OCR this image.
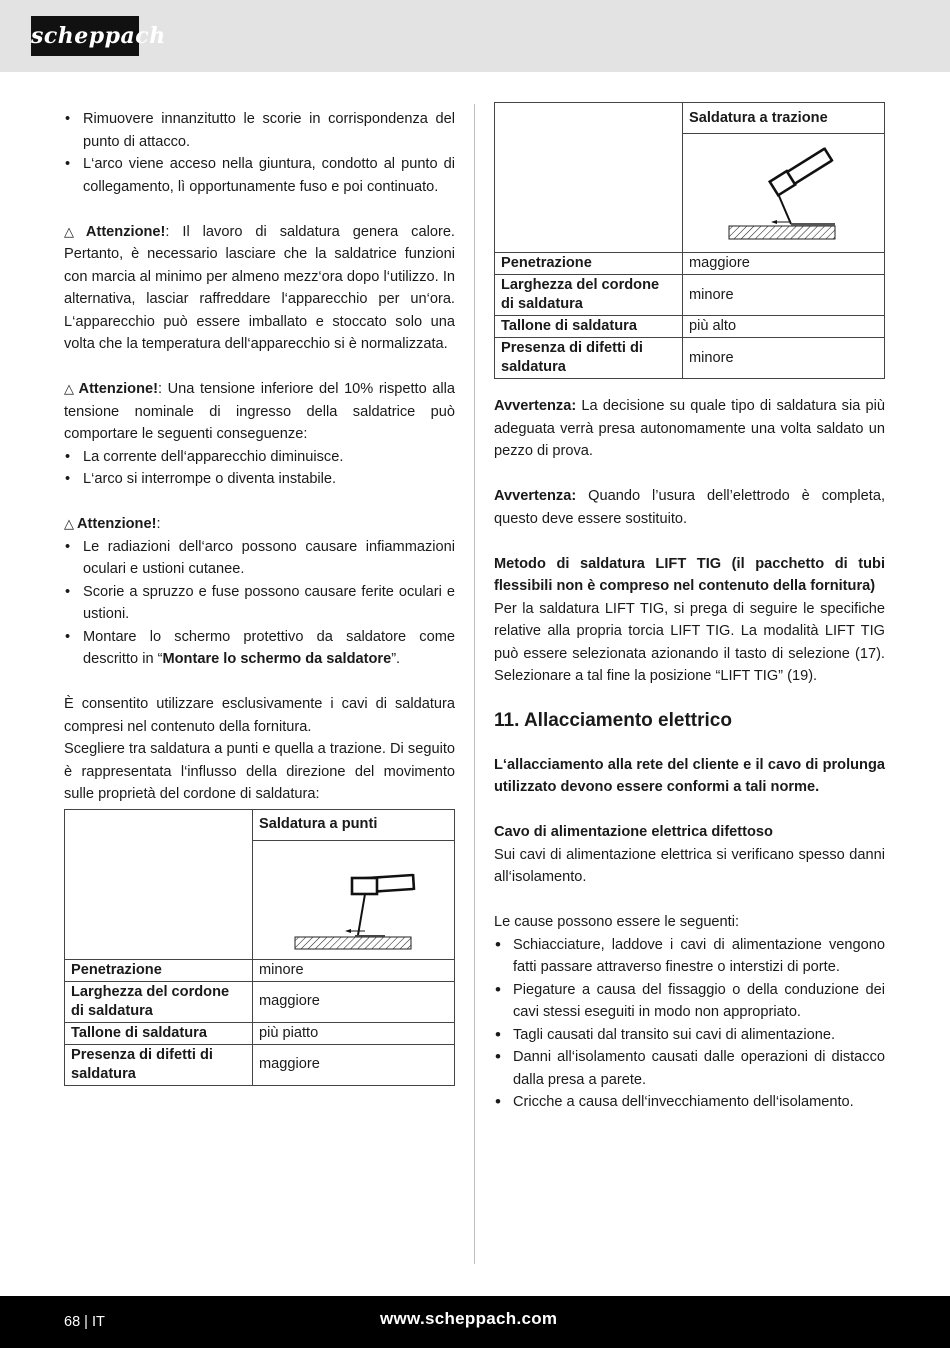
scheppach
• Rimuovere innanzitutto le scorie in corrispondenza del punto di attacco.
• L‘arco viene acceso nella giuntura, condotto al punto di collegamento, lì opportunamente fuso e poi continuato.

△ Attenzione!: Il lavoro di saldatura genera calore. Pertanto, è necessario lasciare che la saldatrice funzioni con marcia al minimo per almeno mezz‘ora dopo l‘utilizzo. In alternativa, lasciar raffreddare l‘apparecchio per un‘ora. L‘apparecchio può essere imballato e stoccato solo una volta che la temperatura dell‘apparecchio si è normalizzata.

△ Attenzione!: Una tensione inferiore del 10% rispetto alla tensione nominale di ingresso della saldatrice può comportare le seguenti conseguenze:

• La corrente dell‘apparecchio diminuisce.
• L‘arco si interrompe o diventa instabile.

△ Attenzione!:

• Le radiazioni dell‘arco possono causare infiammazioni oculari e ustioni cutanee.
• Scorie a spruzzo e fuse possono causare ferite oculari e ustioni.
• Montare lo schermo protettivo da saldatore come descritto in “Montare lo schermo da saldatore”.

È consentito utilizzare esclusivamente i cavi di saldatura compresi nel contenuto della fornitura.

Scegliere tra saldatura a punti e quella a trazione. Di seguito è rappresentata l‘influsso della direzione del movimento sulle proprietà del cordone di saldatura:

	Saldatura a punti

Penetrazione	minore
Larghezza del cordone di saldatura	maggiore
Tallone di saldatura	più piatto
Presenza di difetti di saldatura	maggiore
	Saldatura a trazione

Penetrazione	maggiore
Larghezza del cordone di saldatura	minore
Tallone di saldatura	più alto
Presenza di difetti di saldatura	minore

Avvertenza: La decisione su quale tipo di saldatura sia più adeguata verrà presa autonomamente una volta saldato un pezzo di prova.

Avvertenza: Quando l’usura dell’elettrodo è completa, questo deve essere sostituito.

Metodo di saldatura LIFT TIG (il pacchetto di tubi flessibili non è compreso nel contenuto della fornitura)

Per la saldatura LIFT TIG, si prega di seguire le specifiche relative alla propria torcia LIFT TIG. La modalità LIFT TIG può essere selezionata azionando il tasto di selezione (17). Selezionare a tal fine la posizione “LIFT TIG” (19).

11. Allacciamento elettrico

L‘allacciamento alla rete del cliente e il cavo di prolunga utilizzato devono essere conformi a tali norme.

Cavo di alimentazione elettrica difettoso

Sui cavi di alimentazione elettrica si verificano spesso danni all‘isolamento.

Le cause possono essere le seguenti:

• Schiacciature, laddove i cavi di alimentazione vengono fatti passare attraverso finestre o interstizi di porte.
• Piegature a causa del fissaggio o della conduzione dei cavi stessi eseguiti in modo non appropriato.
• Tagli causati dal transito sui cavi di alimentazione.
• Danni all‘isolamento causati dalle operazioni di distacco dalla presa a parete.
• Cricche a causa dell‘invecchiamento dell‘isolamento.
68 | IT	www.scheppach.com
